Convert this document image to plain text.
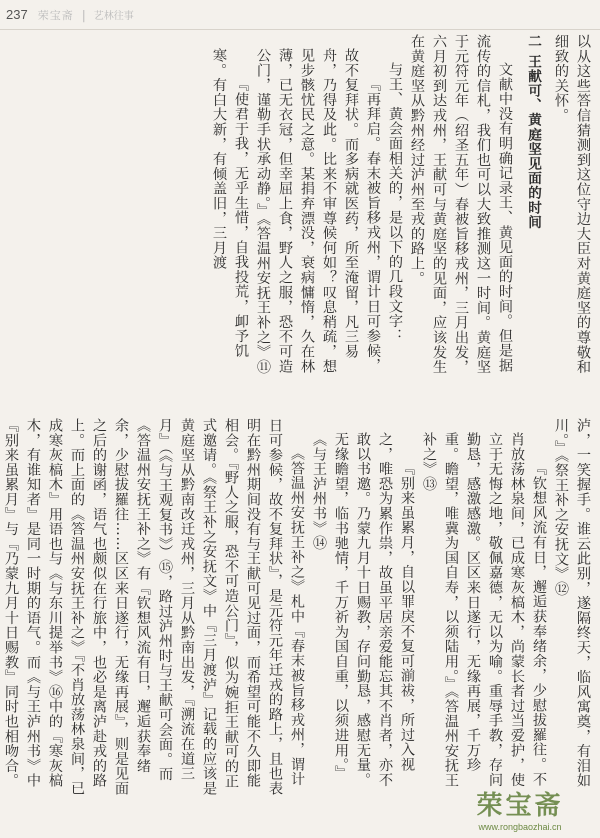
237 荣宝斋 | 艺林往事

以从这些答信猜测到这位守边大臣对黄庭坚的尊敬和细致的关怀。

二 王献可、黄庭坚见面的时间

文献中没有明确记录王、黄见面的时间。但是据流传的信札，我们也可以大致推测这一时间。黄庭坚于元符元年（绍圣五年）春被旨移戎州，三月出发，六月初到达戎州，王献可与黄庭坚的见面，应该发生在黄庭坚从黔州经过泸州至戎的路上。

与王、黄会面相关的，是以下的几段文字：

『再拜启。春末被旨移戎州，谓计日可参候，故不复拜状。而多病就医药，所至淹留，凡三易舟，乃得及此。比来不审尊候何如？叹息稍疏，想见步骸忧民之意。某捐弃漂没，衰病慵惰，久在林薄，已无衣冠，但幸屈上食，野人之服，恐不可造公门，谨勒手状承动静。』《答温州安抚王补之》⑪

『使君于我，无乎生惜，自我投荒，卹予饥寒。有白大新，有倾盖旧，三月渡

泸，一笑握手。谁云此别，遂隔终天，临风寓奠，有泪如川。』《祭王补之安抚文》⑫

『钦想风流有日，邂逅获奉绪余，少慰拔羅往。不肖放荡林泉间，已成寒灰槁木，尚蒙长者过当爱护，使立于无悔之地，敬佩嘉德，无以为喻。重辱手教，存问勤恳，感激感激。区区来日遂行，无缘再展，千万珍重。瞻望，唯冀为国自寿，以须陆用。』《答温州安抚王补之》⑬

『别来虽累月，自以罪戾不复可湔祓，所过入视之，唯恐为累作祟，故虽平居亲爱能忘其不肖者，亦不敢以书邀。乃蒙九月十日赐教，存问勤恳，感慰无量。无缘瞻望，临书驰情，千万祈为国自重，以须进用。』《与王泸州书》⑭

《答温州安抚王补之》札中『春末被旨移戎州，谓计日可参候，故不复拜状』，是元符元年迁戎的路上，且也表明在黔州期间没有与王献可见过面，而希望可能不久即能相会。『野人之服，恐不可造公门』，似为婉拒王献可的正式邀请。《祭王补之安抚文》中『三月渡泸』记载的应该是黄庭坚从黔南改迁戎州，三月从黔南出发，『溯流在道三月』（《与王观复书》）⑮，路过泸州时与王献可会面。而《答温州安抚王补之》有『钦想风流有日，邂逅获奉绪余，少慰拔羅往……区区来日遂行，无缘再展』，则是见面之后的谢函，语气也颇似在行旅中，也必是离泸赴戎的路上。而上面的《答温州安抚王补之》『不肖放荡林泉间，已成寒灰槁木』用语也与《与东川提举书》⑯中的『寒灰槁木，有谁知者』是同一时期的语气。而《与王泸州书》中『别来虽累月』与『乃蒙九月十日赐教』同时也相吻合。

荣宝斋
www.rongbaozhai.cn
